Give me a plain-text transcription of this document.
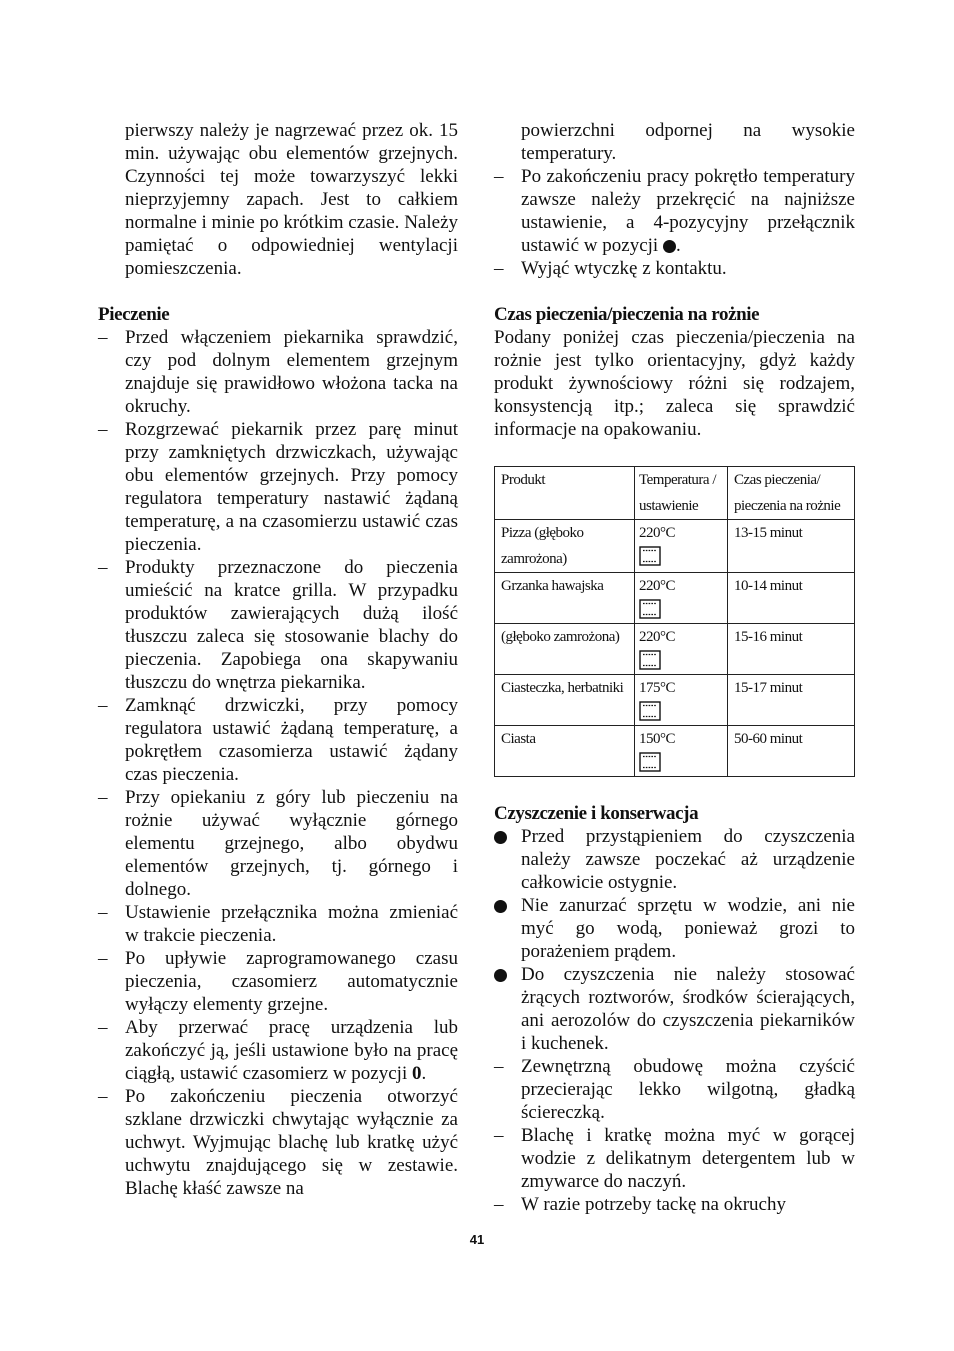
pierwszy należy je nagrzewać przez ok. 15 min. używając obu elementów grzejnych. Czynności tej może towarzyszyć lekki nieprzyjemny zapach. Jest to całkiem normalne i minie po krótkim czasie. Należy pamiętać o odpowiedniej wentylacji pomieszczenia.

Pieczenie

– Przed włączeniem piekarnika sprawdzić, czy pod dolnym elementem grzejnym znajduje się prawidłowo włożona tacka na okruchy.

– Rozgrzewać piekarnik przez parę minut przy zamkniętych drzwiczkach, używając obu elementów grzejnych. Przy pomocy regulatora temperatury nastawić żądaną temperaturę, a na czasomierzu ustawić czas pieczenia.

– Produkty przeznaczone do pieczenia umieścić na kratce grilla. W przypadku produktów zawierających dużą ilość tłuszczu zaleca się stosowanie blachy do pieczenia. Zapobiega ona skapywaniu tłuszczu do wnętrza piekarnika.

– Zamknąć drzwiczki, przy pomocy regulatora ustawić żądaną temperaturę, a pokrętłem czasomierza ustawić żądany czas pieczenia.

– Przy opiekaniu z góry lub pieczeniu na rożnie używać wyłącznie górnego elementu grzejnego, albo obydwu elementów grzejnych, tj. górnego i dolnego.

– Ustawienie przełącznika można zmieniać w trakcie pieczenia.

– Po upływie zaprogramowanego czasu pieczenia, czasomierz automatycznie wyłączy elementy grzejne.

– Aby przerwać pracę urządzenia lub zakończyć ją, jeśli ustawione było na pracę ciągłą, ustawić czasomierz w pozycji 0.

– Po zakończeniu pieczenia otworzyć szklane drzwiczki chwytając wyłącznie za uchwyt. Wyjmując blachę lub kratkę użyć uchwytu znajdującego się w zestawie. Blachę kłaść zawsze na

powierzchni odpornej na wysokie temperatury.

– Po zakończeniu pracy pokrętło temperatury zawsze należy przekręcić na najniższe ustawienie, a 4-pozycyjny przełącznik ustawić w pozycji .

– Wyjąć wtyczkę z kontaktu.

Czas pieczenia/pieczenia na rożnie

Podany poniżej czas pieczenia/pieczenia na rożnie jest tylko orientacyjny, gdyż każdy produkt żywnościowy różni się rodzajem, konsystencją itp.; zaleca się sprawdzić informacje na opakowaniu.

Produkt	Temperatura / ustawienie	Czas pieczenia/ pieczenia na rożnie
Pizza (głęboko zamrożona)	220°C	13-15 minut
Grzanka hawajska	220°C	10-14 minut
(głęboko zamrożona)	220°C	15-16 minut
Ciasteczka, herbatniki	175°C	15-17 minut
Ciasta	150°C	50-60 minut

Czyszczenie i konserwacja

Przed przystąpieniem do czyszczenia należy zawsze poczekać aż urządzenie całkowicie ostygnie.

Nie zanurzać sprzętu w wodzie, ani nie myć go wodą, ponieważ grozi to porażeniem prądem.

Do czyszczenia nie należy stosować żrących roztworów, środków ścierających, ani aerozolów do czyszczenia piekarników i kuchenek.

– Zewnętrzną obudowę można czyścić przecierając lekko wilgotną, gładką ściereczką.

– Blachę i kratkę można myć w gorącej wodzie z delikatnym detergentem lub w zmywarce do naczyń.

– W razie potrzeby tackę na okruchy

41
